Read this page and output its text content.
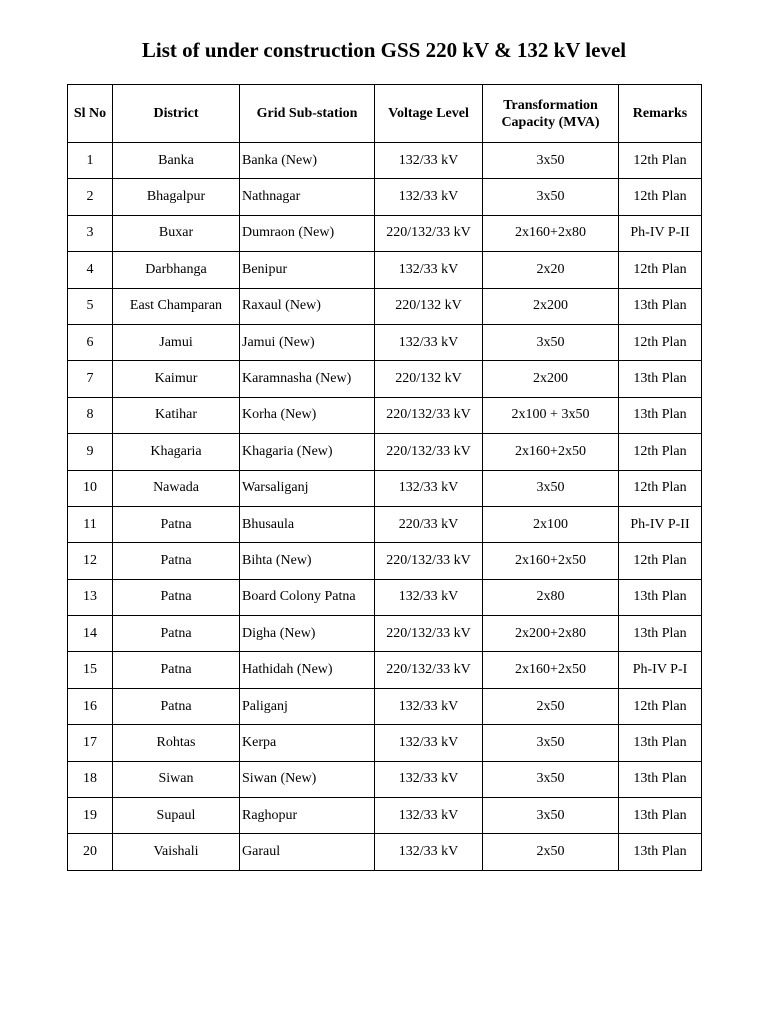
List of under construction GSS 220 kV & 132 kV level
Sl No	District	Grid Sub-station	Voltage Level	Transformation Capacity (MVA)	Remarks
1	Banka	Banka (New)	132/33 kV	3x50	12th Plan
2	Bhagalpur	Nathnagar	132/33 kV	3x50	12th Plan
3	Buxar	Dumraon (New)	220/132/33 kV	2x160+2x80	Ph-IV P-II
4	Darbhanga	Benipur	132/33 kV	2x20	12th Plan
5	East Champaran	Raxaul (New)	220/132 kV	2x200	13th Plan
6	Jamui	Jamui (New)	132/33 kV	3x50	12th Plan
7	Kaimur	Karamnasha (New)	220/132 kV	2x200	13th Plan
8	Katihar	Korha (New)	220/132/33 kV	2x100 + 3x50	13th Plan
9	Khagaria	Khagaria (New)	220/132/33 kV	2x160+2x50	12th Plan
10	Nawada	Warsaliganj	132/33 kV	3x50	12th Plan
11	Patna	Bhusaula	220/33 kV	2x100	Ph-IV P-II
12	Patna	Bihta (New)	220/132/33 kV	2x160+2x50	12th Plan
13	Patna	Board Colony Patna	132/33 kV	2x80	13th Plan
14	Patna	Digha (New)	220/132/33 kV	2x200+2x80	13th Plan
15	Patna	Hathidah (New)	220/132/33 kV	2x160+2x50	Ph-IV P-I
16	Patna	Paliganj	132/33 kV	2x50	12th Plan
17	Rohtas	Kerpa	132/33 kV	3x50	13th Plan
18	Siwan	Siwan (New)	132/33 kV	3x50	13th Plan
19	Supaul	Raghopur	132/33 kV	3x50	13th Plan
20	Vaishali	Garaul	132/33 kV	2x50	13th Plan
